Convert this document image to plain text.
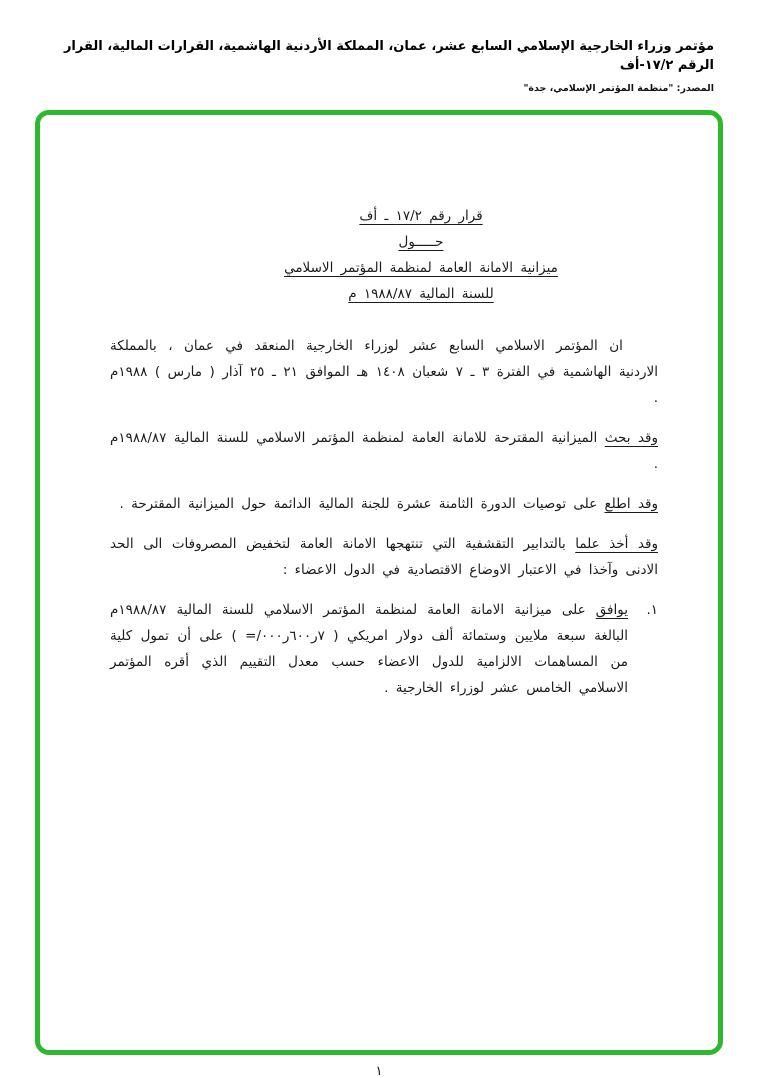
مؤتمر وزراء الخارجية الإسلامي السابع عشر، عمان، المملكة الأردنية الهاشمية، القرارات المالية، القرار الرقم ١٧/٢-أف
المصدر: "منظمة المؤتمر الإسلامي، جدة"
قرار رقم ١٧/٢ ـ أف
حـــــول
ميزانية الامانة العامة لمنظمة المؤتمر الاسلامي
للسنة المالية ١٩٨٨/٨٧ م

ان المؤتمر الاسلامي السابع عشر لوزراء الخارجية المنعقد في عمان ، بالمملكة الاردنية الهاشمية في الفترة ٣ ـ ٧ شعبان ١٤٠٨ هـ الموافق ٢١ ـ ٢٥ آذار ( مارس ) ١٩٨٨م .

وقد بحث الميزانية المقترحة للامانة العامة لمنظمة المؤتمر الاسلامي للسنة المالية ١٩٨٨/٨٧م .

وقد اطلع على توصيات الدورة الثامنة عشرة للجنة المالية الدائمة حول الميزانية المقترحة .

وقد أخذ علما بالتدابير التقشفية التي تنتهجها الامانة العامة لتخفيض المصروفات الى الحد الادنى وآخذا في الاعتبار الاوضاع الاقتصادية في الدول الاعضاء :

١.
يوافق على ميزانية الامانة العامة لمنظمة المؤتمر الاسلامي للسنة المالية ١٩٨٨/٨٧م البالغة سبعة ملايين وستمائة ألف دولار امريكي ( ٧ر٦٠٠ر٠٠٠/= ) على أن تمول كلية من المساهمات الالزامية للدول الاعضاء حسب معدل التقييم الذي أقره المؤتمر الاسلامي الخامس عشر لوزراء الخارجية .
١
